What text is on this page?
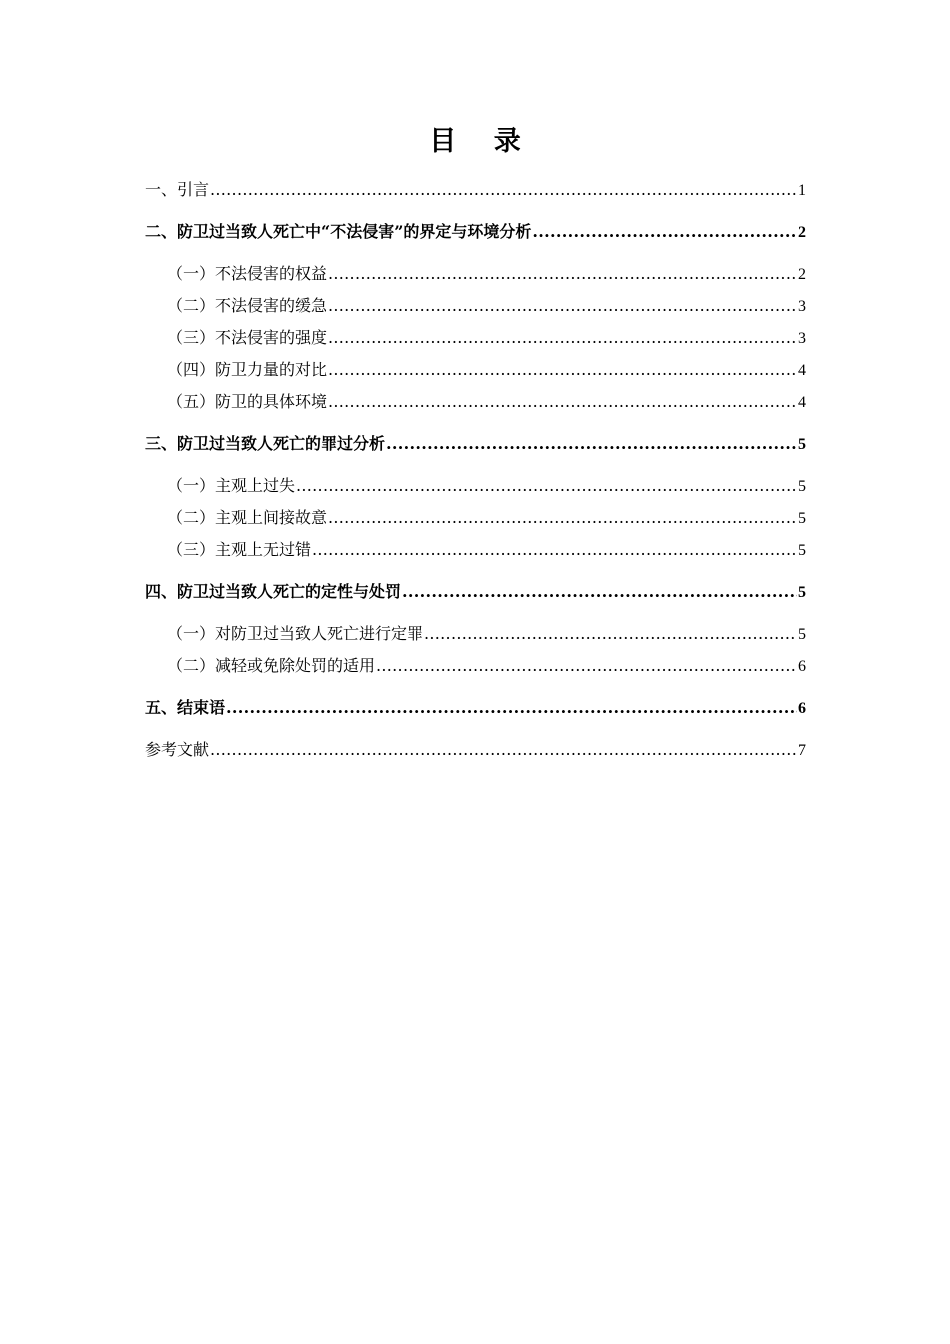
目 录
一、引言 .....	1
二、防卫过当致人死亡中“不法侵害”的界定与环境分析 .....	2
（一）不法侵害的权益 .....	2
（二）不法侵害的缓急 .....	3
（三）不法侵害的强度 .....	3
（四）防卫力量的对比 .....	4
（五）防卫的具体环境 .....	4
三、防卫过当致人死亡的罪过分析 .....	5
（一）主观上过失 .....	5
（二）主观上间接故意 .....	5
（三）主观上无过错 .....	5
四、防卫过当致人死亡的定性与处罚 .....	5
（一）对防卫过当致人死亡进行定罪 .....	5
（二）减轻或免除处罚的适用 .....	6
五、结束语 .....	6
参考文献 .....	7
